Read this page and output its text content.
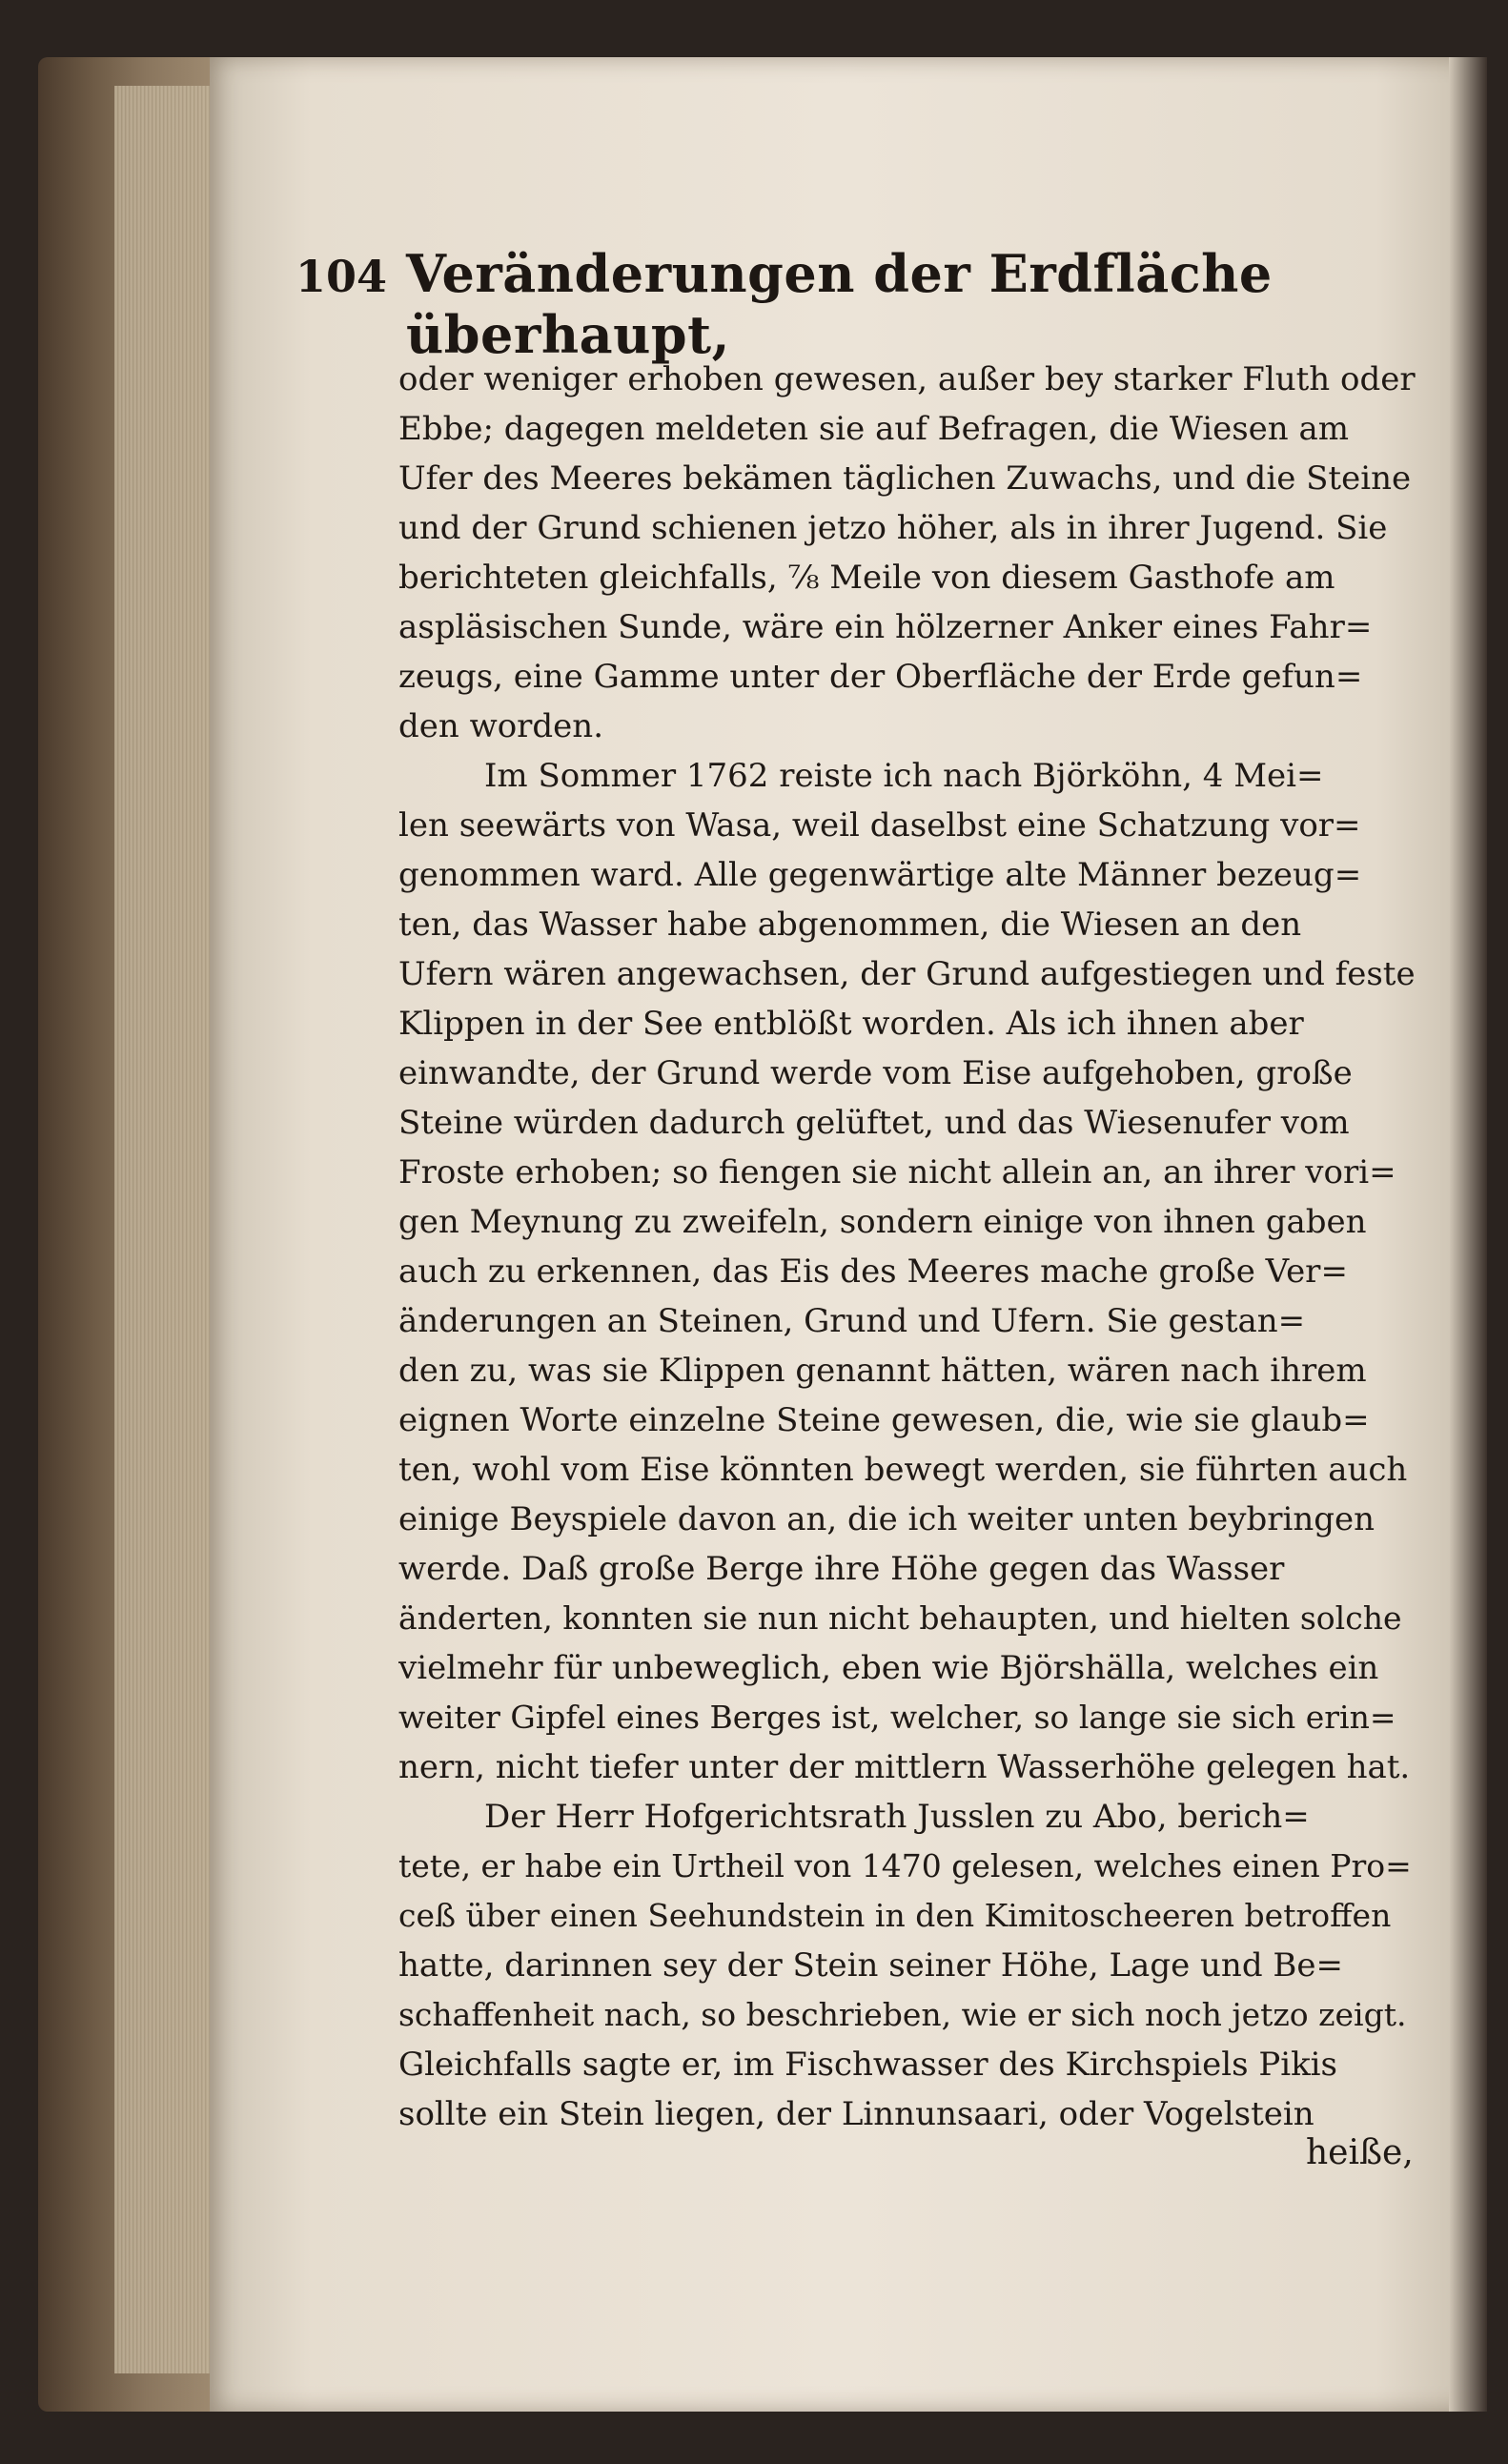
104 Veränderungen der Erdfläche überhaupt,
oder weniger erhoben gewesen, außer bey starker Fluth oder
Ebbe; dagegen meldeten sie auf Befragen, die Wiesen am
Ufer des Meeres bekämen täglichen Zuwachs, und die Steine
und der Grund schienen jetzo höher, als in ihrer Jugend. Sie
berichteten gleichfalls, ⅞ Meile von diesem Gasthofe am
aspläsischen Sunde, wäre ein hölzerner Anker eines Fahr=
zeugs, eine Gamme unter der Oberfläche der Erde gefun=
den worden.
Im Sommer 1762 reiste ich nach Björköhn, 4 Mei=
len seewärts von Wasa, weil daselbst eine Schatzung vor=
genommen ward. Alle gegenwärtige alte Männer bezeug=
ten, das Wasser habe abgenommen, die Wiesen an den
Ufern wären angewachsen, der Grund aufgestiegen und feste
Klippen in der See entblößt worden. Als ich ihnen aber
einwandte, der Grund werde vom Eise aufgehoben, große
Steine würden dadurch gelüftet, und das Wiesenufer vom
Froste erhoben; so fiengen sie nicht allein an, an ihrer vori=
gen Meynung zu zweifeln, sondern einige von ihnen gaben
auch zu erkennen, das Eis des Meeres mache große Ver=
änderungen an Steinen, Grund und Ufern. Sie gestan=
den zu, was sie Klippen genannt hätten, wären nach ihrem
eignen Worte einzelne Steine gewesen, die, wie sie glaub=
ten, wohl vom Eise könnten bewegt werden, sie führten auch
einige Beyspiele davon an, die ich weiter unten beybringen
werde. Daß große Berge ihre Höhe gegen das Wasser
änderten, konnten sie nun nicht behaupten, und hielten solche
vielmehr für unbeweglich, eben wie Björshälla, welches ein
weiter Gipfel eines Berges ist, welcher, so lange sie sich erin=
nern, nicht tiefer unter der mittlern Wasserhöhe gelegen hat.
Der Herr Hofgerichtsrath Jusslen zu Abo, berich=
tete, er habe ein Urtheil von 1470 gelesen, welches einen Pro=
ceß über einen Seehundstein in den Kimitoscheeren betroffen
hatte, darinnen sey der Stein seiner Höhe, Lage und Be=
schaffenheit nach, so beschrieben, wie er sich noch jetzo zeigt.
Gleichfalls sagte er, im Fischwasser des Kirchspiels Pikis
sollte ein Stein liegen, der Linnunsaari, oder Vogelstein
heiße,
